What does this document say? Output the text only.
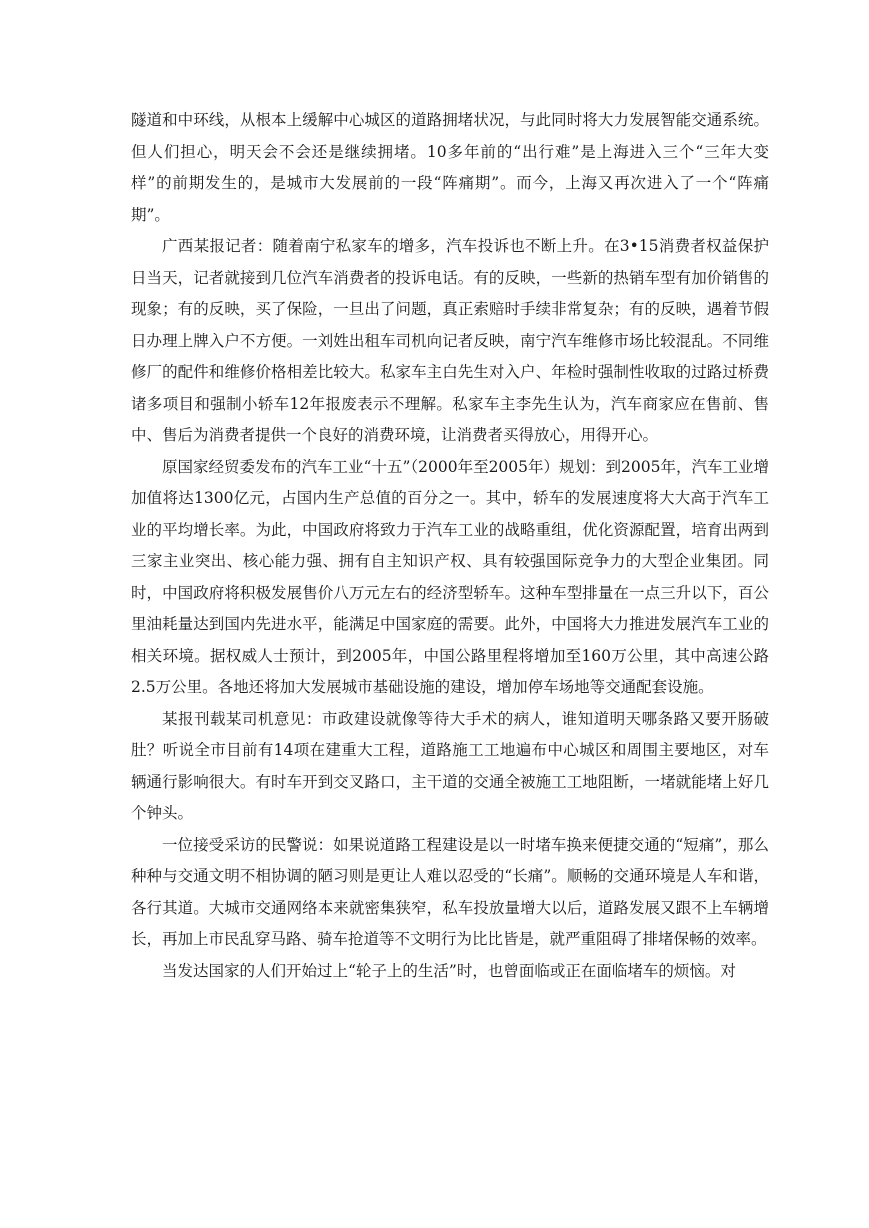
隧道和中环线，从根本上缓解中心城区的道路拥堵状况，与此同时将大力发展智能交通系统。但人们担心，明天会不会还是继续拥堵。10多年前的“出行难”是上海进入三个“三年大变样”的前期发生的，是城市大发展前的一段“阵痛期”。而今，上海又再次进入了一个“阵痛期”。

广西某报记者：随着南宁私家车的增多，汽车投诉也不断上升。在3•15消费者权益保护日当天，记者就接到几位汽车消费者的投诉电话。有的反映，一些新的热销车型有加价销售的现象；有的反映，买了保险，一旦出了问题，真正索赔时手续非常复杂；有的反映，遇着节假日办理上牌入户不方便。一刘姓出租车司机向记者反映，南宁汽车维修市场比较混乱。不同维修厂的配件和维修价格相差比较大。私家车主白先生对入户、年检时强制性收取的过路过桥费诸多项目和强制小轿车12年报废表示不理解。私家车主李先生认为，汽车商家应在售前、售中、售后为消费者提供一个良好的消费环境，让消费者买得放心，用得开心。

原国家经贸委发布的汽车工业“十五”（2000年至2005年）规划：到2005年，汽车工业增加值将达1300亿元，占国内生产总值的百分之一。其中，轿车的发展速度将大大高于汽车工业的平均增长率。为此，中国政府将致力于汽车工业的战略重组，优化资源配置，培育出两到三家主业突出、核心能力强、拥有自主知识产权、具有较强国际竞争力的大型企业集团。同时，中国政府将积极发展售价八万元左右的经济型轿车。这种车型排量在一点三升以下，百公里油耗量达到国内先进水平，能满足中国家庭的需要。此外，中国将大力推进发展汽车工业的相关环境。据权威人士预计，到2005年，中国公路里程将增加至160万公里，其中高速公路2.5万公里。各地还将加大发展城市基础设施的建设，增加停车场地等交通配套设施。

某报刊载某司机意见：市政建设就像等待大手术的病人，谁知道明天哪条路又要开肠破肚？听说全市目前有14项在建重大工程，道路施工工地遍布中心城区和周围主要地区，对车辆通行影响很大。有时车开到交叉路口，主干道的交通全被施工工地阻断，一堵就能堵上好几个钟头。

一位接受采访的民警说：如果说道路工程建设是以一时堵车换来便捷交通的“短痛”，那么种种与交通文明不相协调的陋习则是更让人难以忍受的“长痛”。顺畅的交通环境是人车和谐，各行其道。大城市交通网络本来就密集狭窄，私车投放量增大以后，道路发展又跟不上车辆增长，再加上市民乱穿马路、骑车抢道等不文明行为比比皆是，就严重阻碍了排堵保畅的效率。

当发达国家的人们开始过上“轮子上的生活”时，也曾面临或正在面临堵车的烦恼。对
